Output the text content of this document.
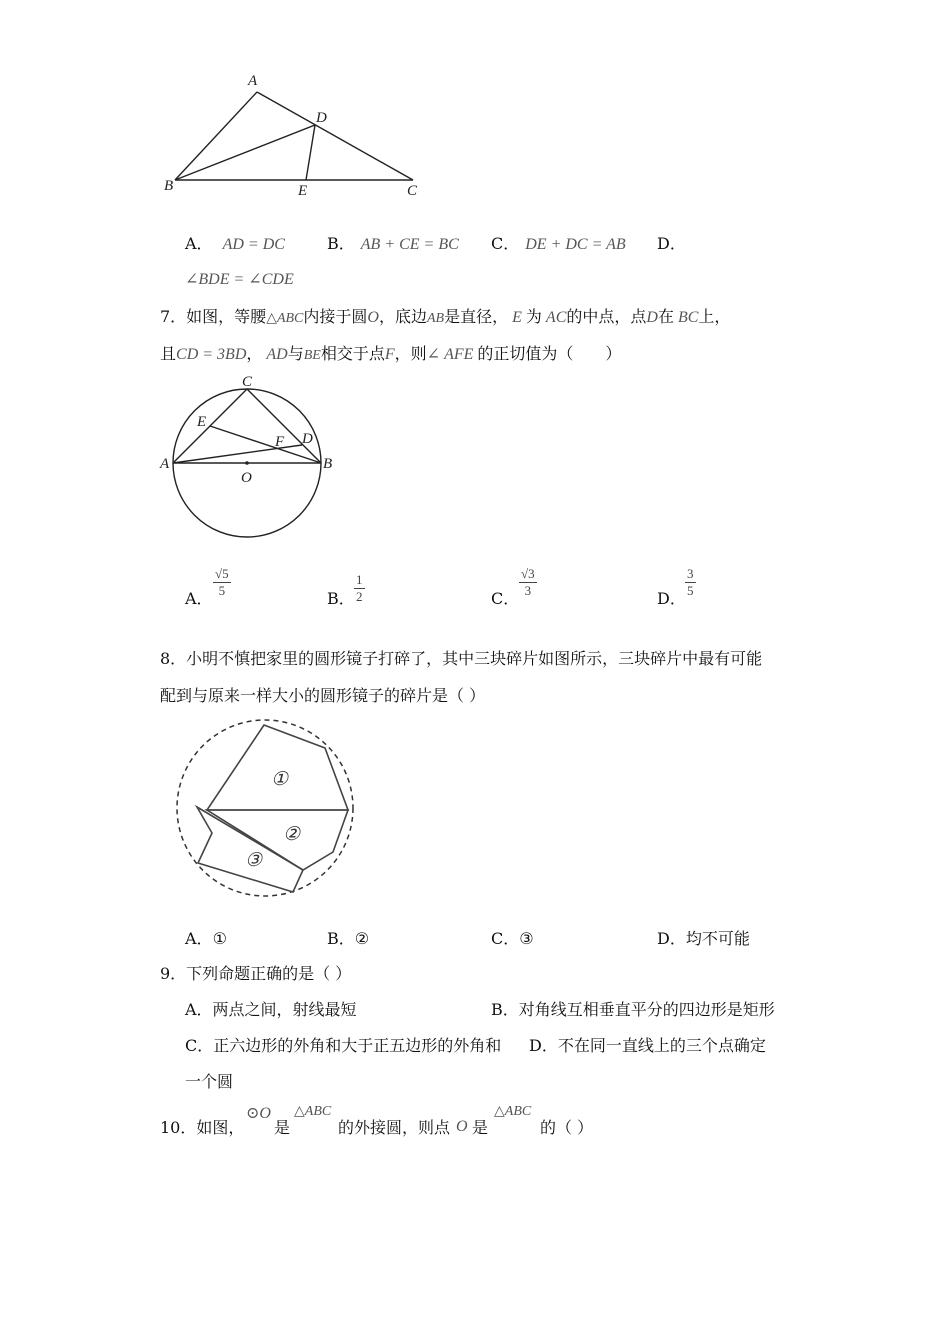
A
D
B	E	C
A． AD = DC	B． AB + CE = BC C． DE + DC = AB D．
∠BDE = ∠CDE
7．如图，等腰△ABC内接于圆O，底边AB是直径， E 为 AC的中点，点D在 BC上，
且CD = 3BD， AD与BE相交于点F，则∠ AFE 的正切值为（　　）
C
E
F D
A	B
O
A． $\frac{√5}{5}$	B． $\frac{1}{2}$	C． $\frac{√3}{3}$	D． $\frac{3}{5}$
8．小明不慎把家里的圆形镜子打碎了，其中三块碎片如图所示，三块碎片中最有可能
配到与原来一样大小的圆形镜子的碎片是（ ）
①
②
③
A．①	B．②	C．③	D．均不可能
9．下列命题正确的是（ ）
A．两点之间，射线最短	B．对角线互相垂直平分的四边形是矩形
C．正六边形的外角和大于正五边形的外角和 D．不在同一直线上的三个点确定
一个圆
10．如图，
⊙O
是
△ABC
的外接圆，则点 O 是
△ABC
的（ ）
